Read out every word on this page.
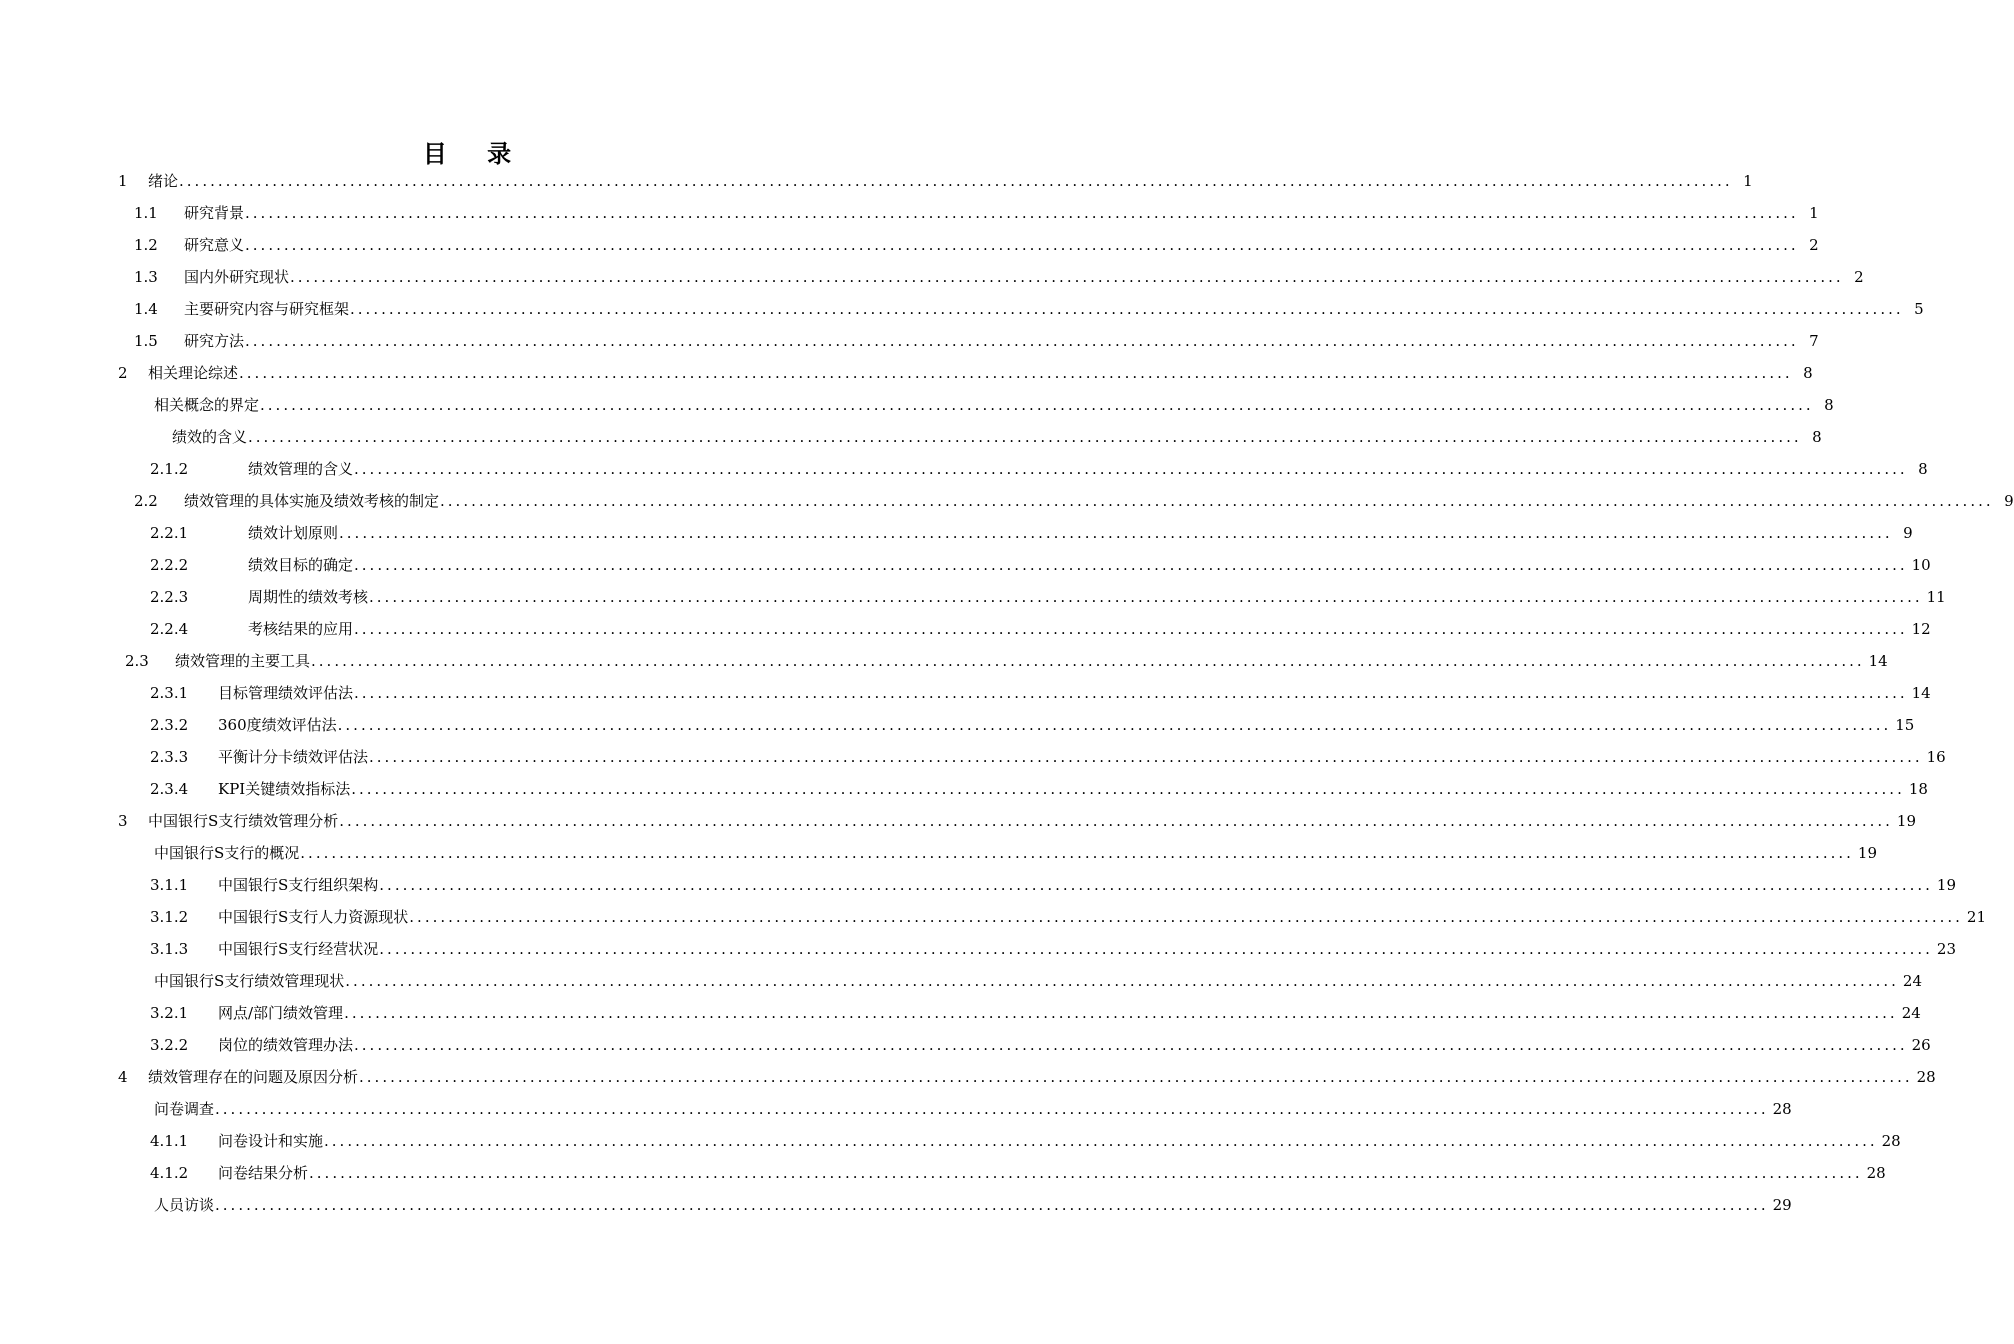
目 录
1	绪论 ........................................................................................................................................................................................................ 1
1.1	研究背景 ........................................................................................................................................................................................................ 1
1.2	研究意义 ........................................................................................................................................................................................................ 2
1.3	国内外研究现状 ........................................................................................................................................................................................................ 2
1.4	主要研究内容与研究框架 ........................................................................................................................................................................................................ 5
1.5	研究方法 ........................................................................................................................................................................................................ 7
2	相关理论综述 ........................................................................................................................................................................................................ 8
相关概念的界定 ........................................................................................................................................................................................................ 8
绩效的含义 ........................................................................................................................................................................................................ 8
2.1.2	绩效管理的含义 ........................................................................................................................................................................................................ 8
2.2	绩效管理的具体实施及绩效考核的制定 ........................................................................................................................................................................................................ 9
2.2.1	绩效计划原则 ........................................................................................................................................................................................................ 9
2.2.2	绩效目标的确定 ........................................................................................................................................................................................................ 10
2.2.3	周期性的绩效考核 ........................................................................................................................................................................................................ 11
2.2.4	考核结果的应用 ........................................................................................................................................................................................................ 12
2.3	绩效管理的主要工具 ........................................................................................................................................................................................................ 14
2.3.1	目标管理绩效评估法 ........................................................................................................................................................................................................ 14
2.3.2	360度绩效评估法 ........................................................................................................................................................................................................ 15
2.3.3	平衡计分卡绩效评估法 ........................................................................................................................................................................................................ 16
2.3.4	KPI关键绩效指标法 ........................................................................................................................................................................................................ 18
3	中国银行S支行绩效管理分析 ........................................................................................................................................................................................................ 19
中国银行S支行的概况 ........................................................................................................................................................................................................ 19
3.1.1	中国银行S支行组织架构 ........................................................................................................................................................................................................ 19
3.1.2	中国银行S支行人力资源现状 ........................................................................................................................................................................................................ 21
3.1.3	中国银行S支行经营状况 ........................................................................................................................................................................................................ 23
中国银行S支行绩效管理现状 ........................................................................................................................................................................................................ 24
3.2.1	网点/部门绩效管理 ........................................................................................................................................................................................................ 24
3.2.2	岗位的绩效管理办法 ........................................................................................................................................................................................................ 26
4	绩效管理存在的问题及原因分析 ........................................................................................................................................................................................................ 28
问卷调查 ........................................................................................................................................................................................................ 28
4.1.1	问卷设计和实施 ........................................................................................................................................................................................................ 28
4.1.2	问卷结果分析 ........................................................................................................................................................................................................ 28
人员访谈 ........................................................................................................................................................................................................ 29
